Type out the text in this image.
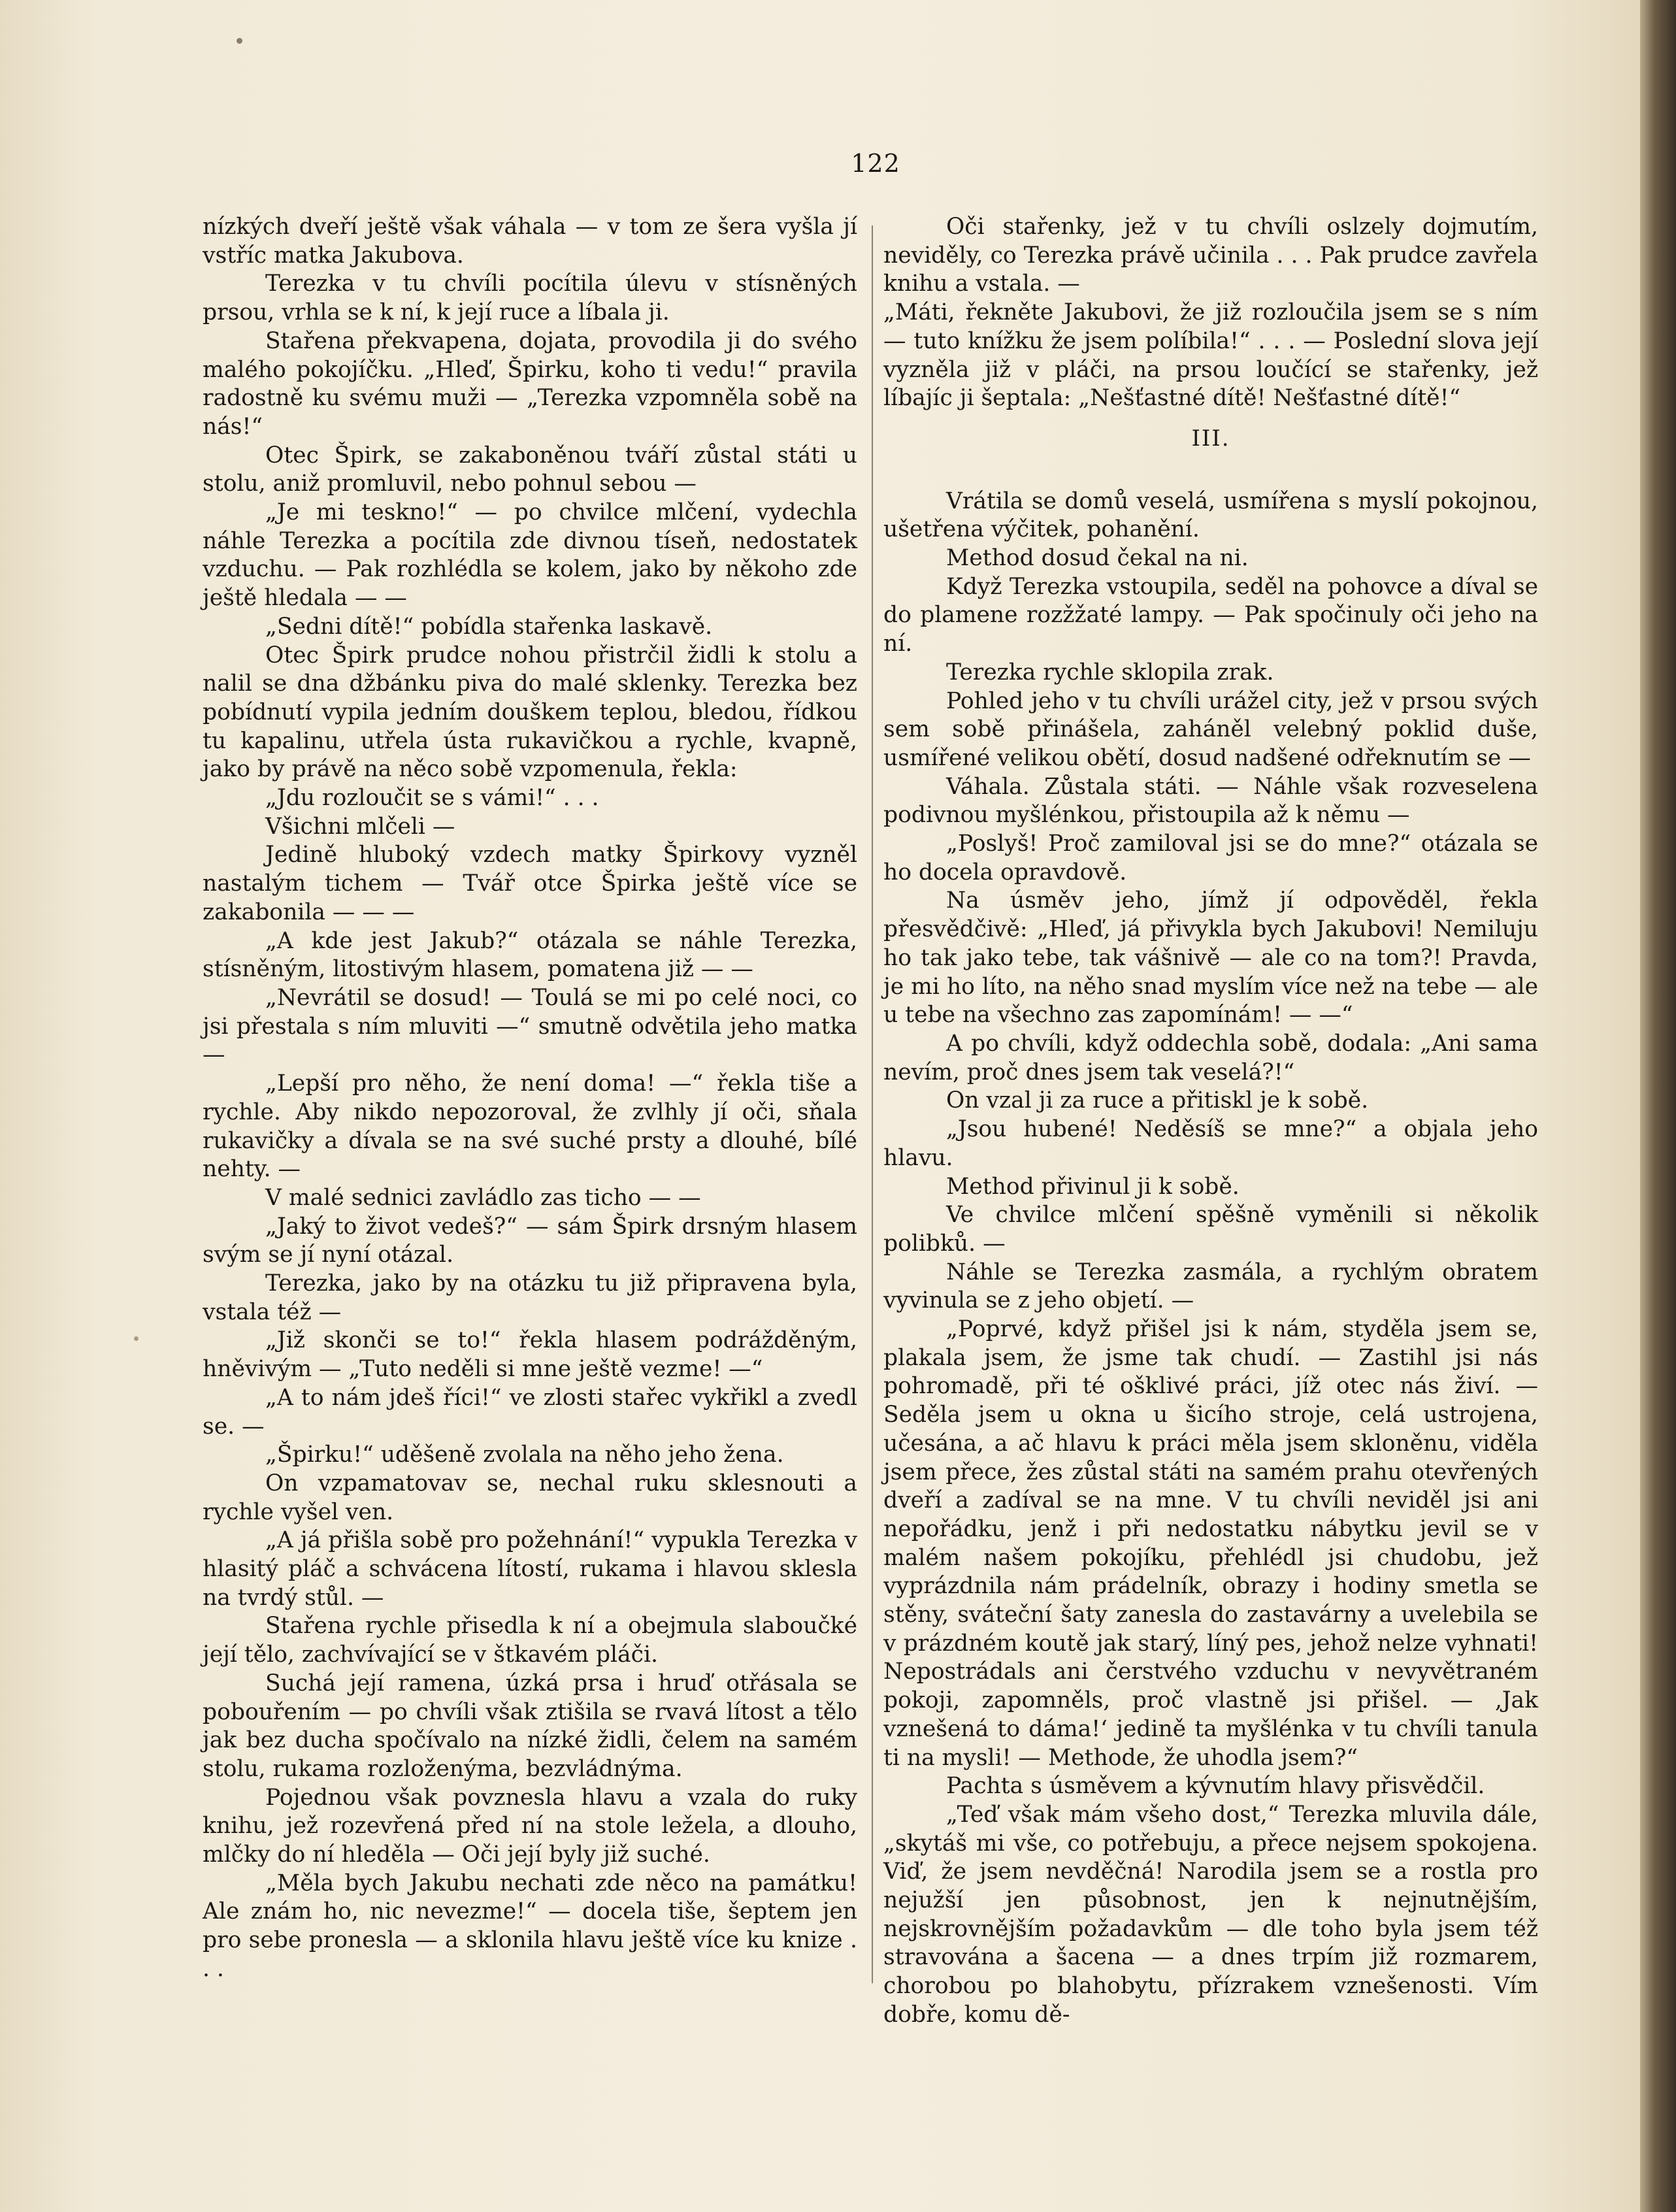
122

nízkých dveří ještě však váhala — v tom ze šera vyšla jí vstříc matka Jakubova.

Terezka v tu chvíli pocítila úlevu v stísněných prsou, vrhla se k ní, k její ruce a líbala ji.

Stařena překvapena, dojata, provodila ji do svého malého pokojíčku. „Hleď, Špirku, koho ti vedu!“ pravila radostně ku svému muži — „Terezka vzpomněla sobě na nás!“

Otec Špirk, se zakaboněnou tváří zůstal státi u stolu, aniž promluvil, nebo pohnul sebou —

„Je mi teskno!“ — po chvilce mlčení, vydechla náhle Terezka a pocítila zde divnou tíseň, nedostatek vzduchu. — Pak rozhlédla se kolem, jako by někoho zde ještě hledala — —

„Sedni dítě!“ pobídla stařenka laskavě.

Otec Špirk prudce nohou přistrčil židli k stolu a nalil se dna džbánku piva do malé sklenky. Terezka bez pobídnutí vypila jedním douškem teplou, bledou, řídkou tu kapalinu, utřela ústa rukavičkou a rychle, kvapně, jako by právě na něco sobě vzpomenula, řekla:

„Jdu rozloučit se s vámi!“ . . .

Všichni mlčeli —

Jedině hluboký vzdech matky Špirkovy vyzněl nastalým tichem — Tvář otce Špirka ještě více se zakabonila — — —

„A kde jest Jakub?“ otázala se náhle Terezka, stísněným, litostivým hlasem, pomatena již — —

„Nevrátil se dosud! — Toulá se mi po celé noci, co jsi přestala s ním mluviti —“ smutně odvětila jeho matka —

„Lepší pro něho, že není doma! —“ řekla tiše a rychle. Aby nikdo nepozoroval, že zvlhly jí oči, sňala rukavičky a dívala se na své suché prsty a dlouhé, bílé nehty. —

V malé sednici zavládlo zas ticho — —

„Jaký to život vedeš?“ — sám Špirk drsným hlasem svým se jí nyní otázal.

Terezka, jako by na otázku tu již připravena byla, vstala též —

„Již skonči se to!“ řekla hlasem podrážděným, hněvivým — „Tuto neděli si mne ještě vezme! —“

„A to nám jdeš říci!“ ve zlosti stařec vykřikl a zvedl se. —

„Špirku!“ uděšeně zvolala na něho jeho žena.

On vzpamatovav se, nechal ruku sklesnouti a rychle vyšel ven.

„A já přišla sobě pro požehnání!“ vypukla Terezka v hlasitý pláč a schvácena lítostí, rukama i hlavou sklesla na tvrdý stůl. —

Stařena rychle přisedla k ní a obejmula slaboučké její tělo, zachvívající se v štkavém pláči.

Suchá její ramena, úzká prsa i hruď otřásala se pobouřením — po chvíli však ztišila se rvavá lítost a tělo jak bez ducha spočívalo na nízké židli, čelem na samém stolu, rukama rozloženýma, bezvládnýma.

Pojednou však povznesla hlavu a vzala do ruky knihu, jež rozevřená před ní na stole ležela, a dlouho, mlčky do ní hleděla — Oči její byly již suché.

„Měla bych Jakubu nechati zde něco na památku! Ale znám ho, nic nevezme!“ — docela tiše, šeptem jen pro sebe pronesla — a sklonila hlavu ještě více ku knize . . .

Oči stařenky, jež v tu chvíli oslzely dojmutím, neviděly, co Terezka právě učinila . . . Pak prudce zavřela knihu a vstala. —

„Máti, řekněte Jakubovi, že již rozloučila jsem se s ním — tuto knížku že jsem políbila!“ . . . — Poslední slova její vyzněla již v pláči, na prsou loučící se stařenky, jež líbajíc ji šeptala: „Nešťastné dítě! Nešťastné dítě!“

III.

Vrátila se domů veselá, usmířena s myslí pokojnou, ušetřena výčitek, pohanění.

Method dosud čekal na ni.

Když Terezka vstoupila, seděl na pohovce a díval se do plamene rozžžaté lampy. — Pak spočinuly oči jeho na ní.

Terezka rychle sklopila zrak.

Pohled jeho v tu chvíli urážel city, jež v prsou svých sem sobě přinášela, zaháněl velebný poklid duše, usmířené velikou obětí, dosud nadšené odřeknutím se —

Váhala. Zůstala státi. — Náhle však rozveselena podivnou myšlénkou, přistoupila až k němu —

„Poslyš! Proč zamiloval jsi se do mne?“ otázala se ho docela opravdově.

Na úsměv jeho, jímž jí odpověděl, řekla přesvědčivě: „Hleď, já přivykla bych Jakubovi! Nemiluju ho tak jako tebe, tak vášnivě — ale co na tom?! Pravda, je mi ho líto, na něho snad myslím více než na tebe — ale u tebe na všechno zas zapomínám! — —“

A po chvíli, když oddechla sobě, dodala: „Ani sama nevím, proč dnes jsem tak veselá?!“

On vzal ji za ruce a přitiskl je k sobě.

„Jsou hubené! Neděsíš se mne?“ a objala jeho hlavu.

Method přivinul ji k sobě.

Ve chvilce mlčení spěšně vyměnili si několik polibků. —

Náhle se Terezka zasmála, a rychlým obratem vyvinula se z jeho objetí. —

„Poprvé, když přišel jsi k nám, styděla jsem se, plakala jsem, že jsme tak chudí. — Zastihl jsi nás pohromadě, při té ošklivé práci, jíž otec nás živí. — Seděla jsem u okna u šicího stroje, celá ustrojena, učesána, a ač hlavu k práci měla jsem skloněnu, viděla jsem přece, žes zůstal státi na samém prahu otevřených dveří a zadíval se na mne. V tu chvíli neviděl jsi ani nepořádku, jenž i při nedostatku nábytku jevil se v malém našem pokojíku, přehlédl jsi chudobu, jež vyprázdnila nám prádelník, obrazy i hodiny smetla se stěny, sváteční šaty zanesla do zastavárny a uvelebila se v prázdném koutě jak starý, líný pes, jehož nelze vyhnati! Nepostrádals ani čerstvého vzduchu v nevyvětraném pokoji, zapomněls, proč vlastně jsi přišel. — ‚Jak vznešená to dáma!‘ jedině ta myšlénka v tu chvíli tanula ti na mysli! — Methode, že uhodla jsem?“

Pachta s úsměvem a kývnutím hlavy přisvědčil.

„Teď však mám všeho dost,“ Terezka mluvila dále, „skytáš mi vše, co potřebuju, a přece nejsem spokojena. Viď, že jsem nevděčná! Narodila jsem se a rostla pro nejužší jen působnost, jen k nejnutnějším, nejskrovnějším požadavkům — dle toho byla jsem též stravována a šacena — a dnes trpím již rozmarem, chorobou po blahobytu, přízrakem vznešenosti. Vím dobře, komu dě-
